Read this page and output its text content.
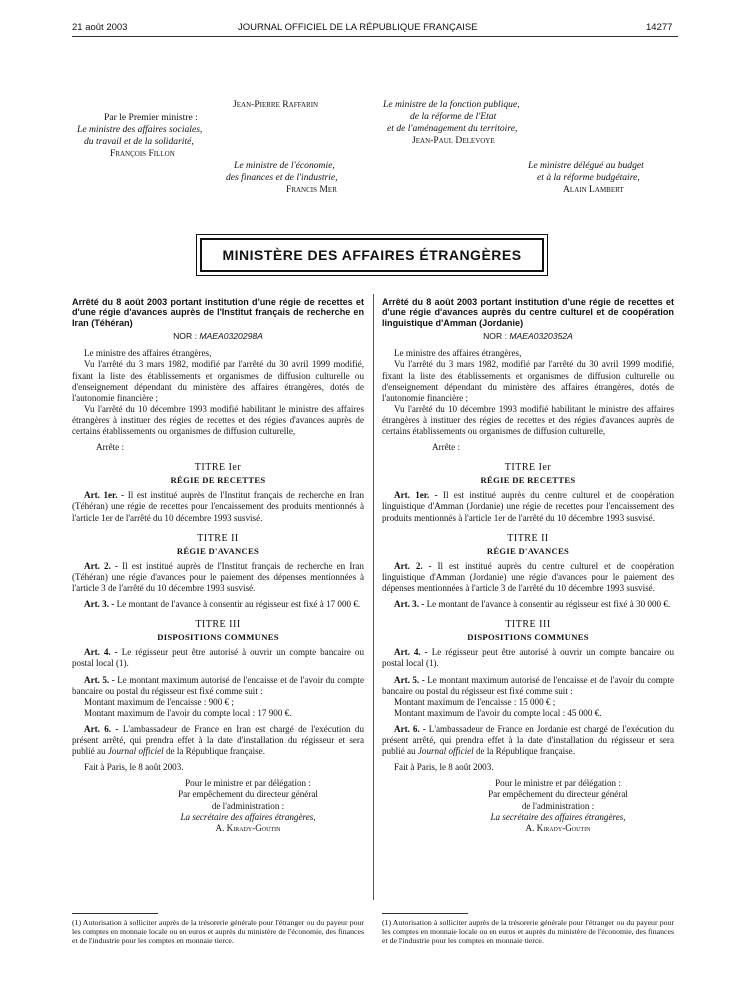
21 août 2003	JOURNAL OFFICIEL DE LA RÉPUBLIQUE FRANÇAISE	14277
Jean-Pierre Raffarin
Par le Premier ministre :
Le ministre des affaires sociales,
du travail et de la solidarité,
François Fillon
Le ministre de l'économie,
des finances et de l'industrie,
Francis Mer
Le ministre de la fonction publique,
de la réforme de l'Etat
et de l'aménagement du territoire,
Jean-Paul Delevoye
Le ministre délégué au budget
et à la réforme budgétaire,
Alain Lambert
MINISTÈRE DES AFFAIRES ÉTRANGÈRES
Arrêté du 8 août 2003 portant institution d'une régie de recettes et d'une régie d'avances auprès de l'Institut français de recherche en Iran (Téhéran)
NOR : MAEA0320298A

Le ministre des affaires étrangères,

Vu l'arrêté du 3 mars 1982, modifié par l'arrêté du 30 avril 1999 modifié, fixant la liste des établissements et organismes de diffusion culturelle ou d'enseignement dépendant du ministère des affaires étrangères, dotés de l'autonomie financière ;

Vu l'arrêté du 10 décembre 1993 modifié habilitant le ministre des affaires étrangères à instituer des régies de recettes et des régies d'avances auprès de certains établissements ou organismes de diffusion culturelle,

Arrête :

TITRE Ier
RÉGIE DE RECETTES

Art. 1er. - Il est institué auprès de l'Institut français de recherche en Iran (Téhéran) une régie de recettes pour l'encaissement des produits mentionnés à l'article 1er de l'arrêté du 10 décembre 1993 susvisé.

TITRE II
RÉGIE D'AVANCES

Art. 2. - Il est institué auprès de l'Institut français de recherche en Iran (Téhéran) une régie d'avances pour le paiement des dépenses mentionnées à l'article 3 de l'arrêté du 10 décembre 1993 susvisé.

Art. 3. - Le montant de l'avance à consentir au régisseur est fixé à 17 000 €.

TITRE III
DISPOSITIONS COMMUNES

Art. 4. - Le régisseur peut être autorisé à ouvrir un compte bancaire ou postal local (1).

Art. 5. - Le montant maximum autorisé de l'encaisse et de l'avoir du compte bancaire ou postal du régisseur est fixé comme suit :

Montant maximum de l'encaisse : 900 € ;

Montant maximum de l'avoir du compte local : 17 900 €.

Art. 6. - L'ambassadeur de France en Iran est chargé de l'exécution du présent arrêté, qui prendra effet à la date d'installation du régisseur et sera publié au Journal officiel de la République française.

Fait à Paris, le 8 août 2003.

Pour le ministre et par délégation :
Par empêchement du directeur général
de l'administration :
La secrétaire des affaires étrangères,
A. Kirady-Goutin
(1) Autorisation à solliciter auprès de la trésorerie générale pour l'étranger ou du payeur pour les comptes en monnaie locale ou en euros et auprès du ministère de l'économie, des finances et de l'industrie pour les comptes en monnaie tierce.
Arrêté du 8 août 2003 portant institution d'une régie de recettes et d'une régie d'avances auprès du centre culturel et de coopération linguistique d'Amman (Jordanie)
NOR : MAEA0320352A

Le ministre des affaires étrangères,

Vu l'arrêté du 3 mars 1982, modifié par l'arrêté du 30 avril 1999 modifié, fixant la liste des établissements et organismes de diffusion culturelle ou d'enseignement dépendant du ministère des affaires étrangères, dotés de l'autonomie financière ;

Vu l'arrêté du 10 décembre 1993 modifié habilitant le ministre des affaires étrangères à instituer des régies de recettes et des régies d'avances auprès de certains établissements ou organismes de diffusion culturelle,

Arrête :

TITRE Ier
RÉGIE DE RECETTES

Art. 1er. - Il est institué auprès du centre culturel et de coopération linguistique d'Amman (Jordanie) une régie de recettes pour l'encaissement des produits mentionnés à l'article 1er de l'arrêté du 10 décembre 1993 susvisé.

TITRE II
RÉGIE D'AVANCES

Art. 2. - Il est institué auprès du centre culturel et de coopération linguistique d'Amman (Jordanie) une régie d'avances pour le paiement des dépenses mentionnées à l'article 3 de l'arrêté du 10 décembre 1993 susvisé.

Art. 3. - Le montant de l'avance à consentir au régisseur est fixé à 30 000 €.

TITRE III
DISPOSITIONS COMMUNES

Art. 4. - Le régisseur peut être autorisé à ouvrir un compte bancaire ou postal local (1).

Art. 5. - Le montant maximum autorisé de l'encaisse et de l'avoir du compte bancaire ou postal du régisseur est fixé comme suit :

Montant maximum de l'encaisse : 15 000 € ;

Montant maximum de l'avoir du compte local : 45 000 €.

Art. 6. - L'ambassadeur de France en Jordanie est chargé de l'exécution du présent arrêté, qui prendra effet à la date d'installation du régisseur et sera publié au Journal officiel de la République française.

Fait à Paris, le 8 août 2003.

Pour le ministre et par délégation :
Par empêchement du directeur général
de l'administration :
La secrétaire des affaires étrangères,
A. Kirady-Goutin
(1) Autorisation à solliciter auprès de la trésorerie générale pour l'étranger ou du payeur pour les comptes en monnaie locale ou en euros et auprès du ministère de l'économie, des finances et de l'industrie pour les comptes en monnaie tierce.
